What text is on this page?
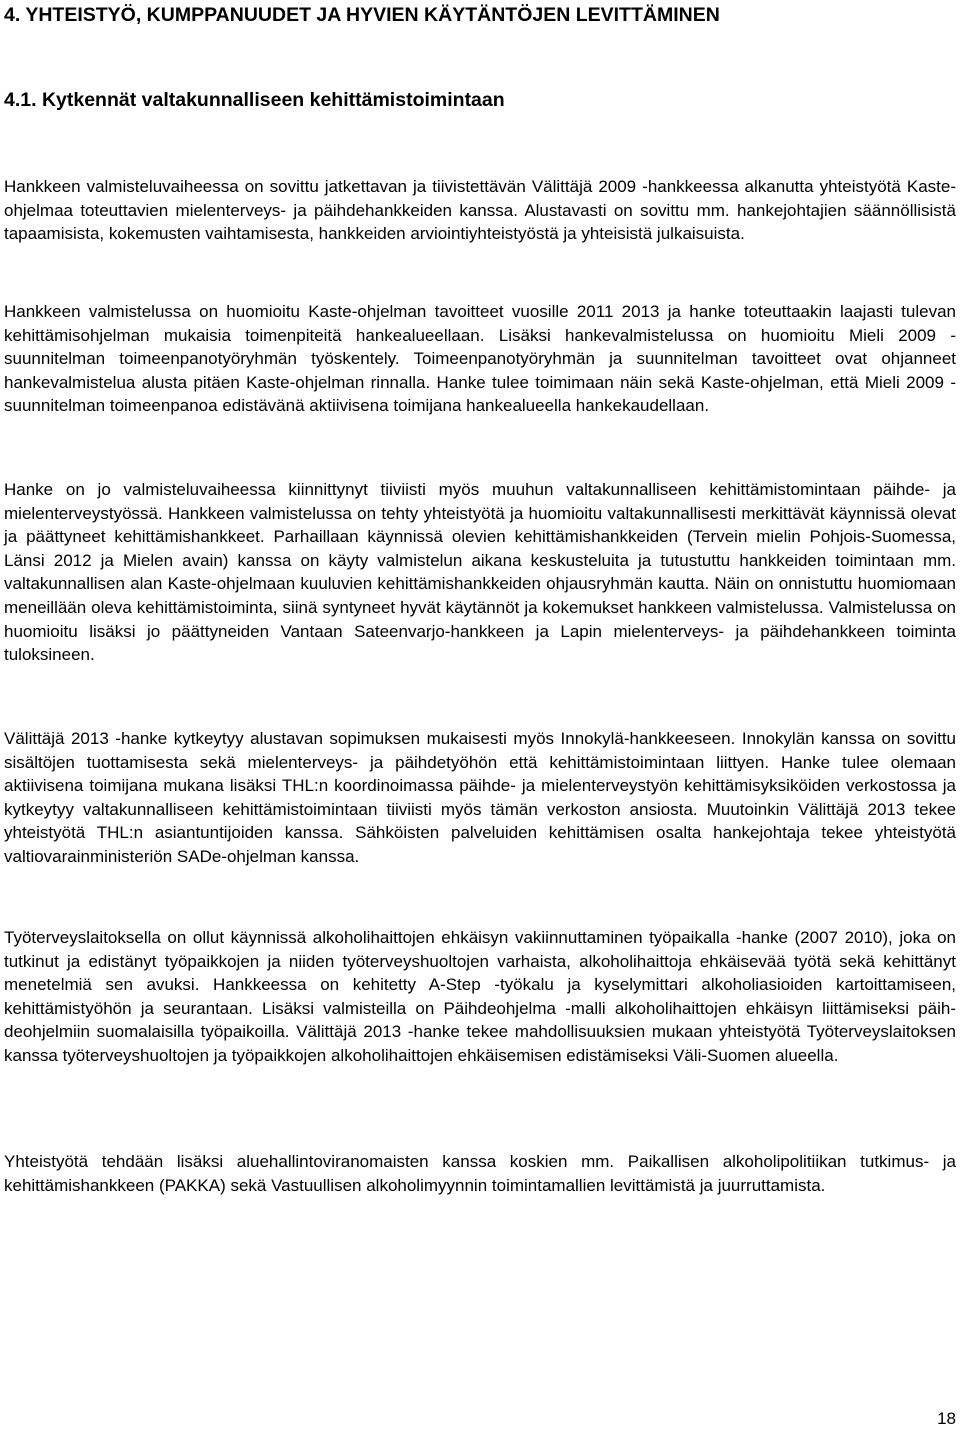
4. YHTEISTYÖ, KUMPPANUUDET JA HYVIEN KÄYTÄNTÖJEN LEVITTÄMINEN
4.1. Kytkennät valtakunnalliseen kehittämistoimintaan

Hankkeen valmisteluvaiheessa on sovittu jatkettavan ja tiivistettävän Välittäjä 2009 -hankkeessa alkanutta yhteistyötä Kaste-ohjelmaa toteuttavien mielenterveys- ja päihdehankkeiden kanssa. Alustavasti on sovittu mm. hankejohtajien säännöllisistä tapaamisista, kokemusten vaihtamisesta, hankkeiden arviointiyhteistyöstä ja yhteisistä julkaisuista.

Hankkeen valmistelussa on huomioitu Kaste-ohjelman tavoitteet vuosille 2011 2013 ja hanke toteuttaakin laajasti tulevan kehittämisohjelman mukaisia toimenpiteitä hankealueellaan. Lisäksi hankevalmistelussa on huomioitu Mieli 2009 -suunnitelman toimeenpanotyöryhmän työskentely. Toimeenpanotyöryhmän ja suunnitelman tavoitteet ovat ohjanneet hankevalmistelua alusta pitäen Kaste-ohjelman rinnalla. Hanke tulee toimimaan näin sekä Kaste-ohjelman, että Mieli 2009 - suunnitelman toimeenpanoa edistävänä aktiivisena toimijana hankealueella hankekaudellaan.

Hanke on jo valmisteluvaiheessa kiinnittynyt tiiviisti myös muuhun valtakunnalliseen kehittämistomintaan päihde- ja mielenterveystyössä. Hankkeen valmistelussa on tehty yhteistyötä ja huomioitu valtakunnallisesti merkittävät käynnissä olevat ja päättyneet kehittämishankkeet. Parhaillaan käynnissä olevien kehittämishankkeiden (Tervein mielin Pohjois-Suomessa, Länsi 2012 ja Mielen avain) kanssa on käyty valmistelun aikana keskusteluita ja tutustuttu hankkeiden toimintaan mm. valtakunnallisen alan Kaste-ohjelmaan kuuluvien kehittämishankkeiden ohjausryhmän kautta. Näin on onnistuttu huomiomaan meneillään oleva kehittämistoiminta, siinä syntyneet hyvät käytännöt ja kokemukset hankkeen valmistelussa. Valmistelussa on huomioitu lisäksi jo päättyneiden Vantaan Sateenvarjo-hankkeen ja Lapin mielenterveys- ja päihdehankkeen toiminta tuloksineen.

Välittäjä 2013 -hanke kytkeytyy alustavan sopimuksen mukaisesti myös Innokylä-hankkeeseen. Innokylän kanssa on sovittu sisältöjen tuottamisesta sekä mielenterveys- ja päihdetyöhön että kehittämistoimintaan liittyen. Hanke tulee olemaan aktiivisena toimijana mukana lisäksi THL:n koordinoimassa päihde- ja mielenterveystyön kehittämisyksiköiden verkostossa ja kytkeytyy valtakunnalliseen kehittämistoimintaan tiiviisti myös tämän verkoston ansiosta. Muutoinkin Välittäjä 2013 tekee yhteistyötä THL:n asiantuntijoiden kanssa. Sähköisten palveluiden kehittämisen osalta hankejohtaja tekee yhteistyötä valtiovarainministeriön SADe-ohjelman kanssa.

Työterveyslaitoksella on ollut käynnissä alkoholihaittojen ehkäisyn vakiinnuttaminen työpaikalla -hanke (2007 2010), joka on tutkinut ja edistänyt työpaikkojen ja niiden työterveyshuoltojen varhaista, alkoholihaittoja ehkäisevää työtä sekä kehittänyt menetelmiä sen avuksi. Hankkeessa on kehitetty A-Step -työkalu ja kyselymittari alkoholiasioiden kartoittamiseen, kehittämistyöhön ja seurantaan. Lisäksi valmisteilla on Päihdeohjelma -malli alkoholihaittojen ehkäisyn liittämiseksi päihdeohjelmiin suomalaisilla työpaikoilla. Välittäjä 2013 -hanke tekee mahdollisuuksien mukaan yhteistyötä Työterveyslaitoksen kanssa työterveyshuoltojen ja työpaikkojen alkoholihaittojen ehkäisemisen edistämiseksi Väli-Suomen alueella.

Yhteistyötä tehdään lisäksi aluehallintoviranomaisten kanssa koskien mm. Paikallisen alkoholipolitiikan tutkimus- ja kehittämishankkeen (PAKKA) sekä Vastuullisen alkoholimyynnin toimintamallien levittämistä ja juurruttamista.

18
